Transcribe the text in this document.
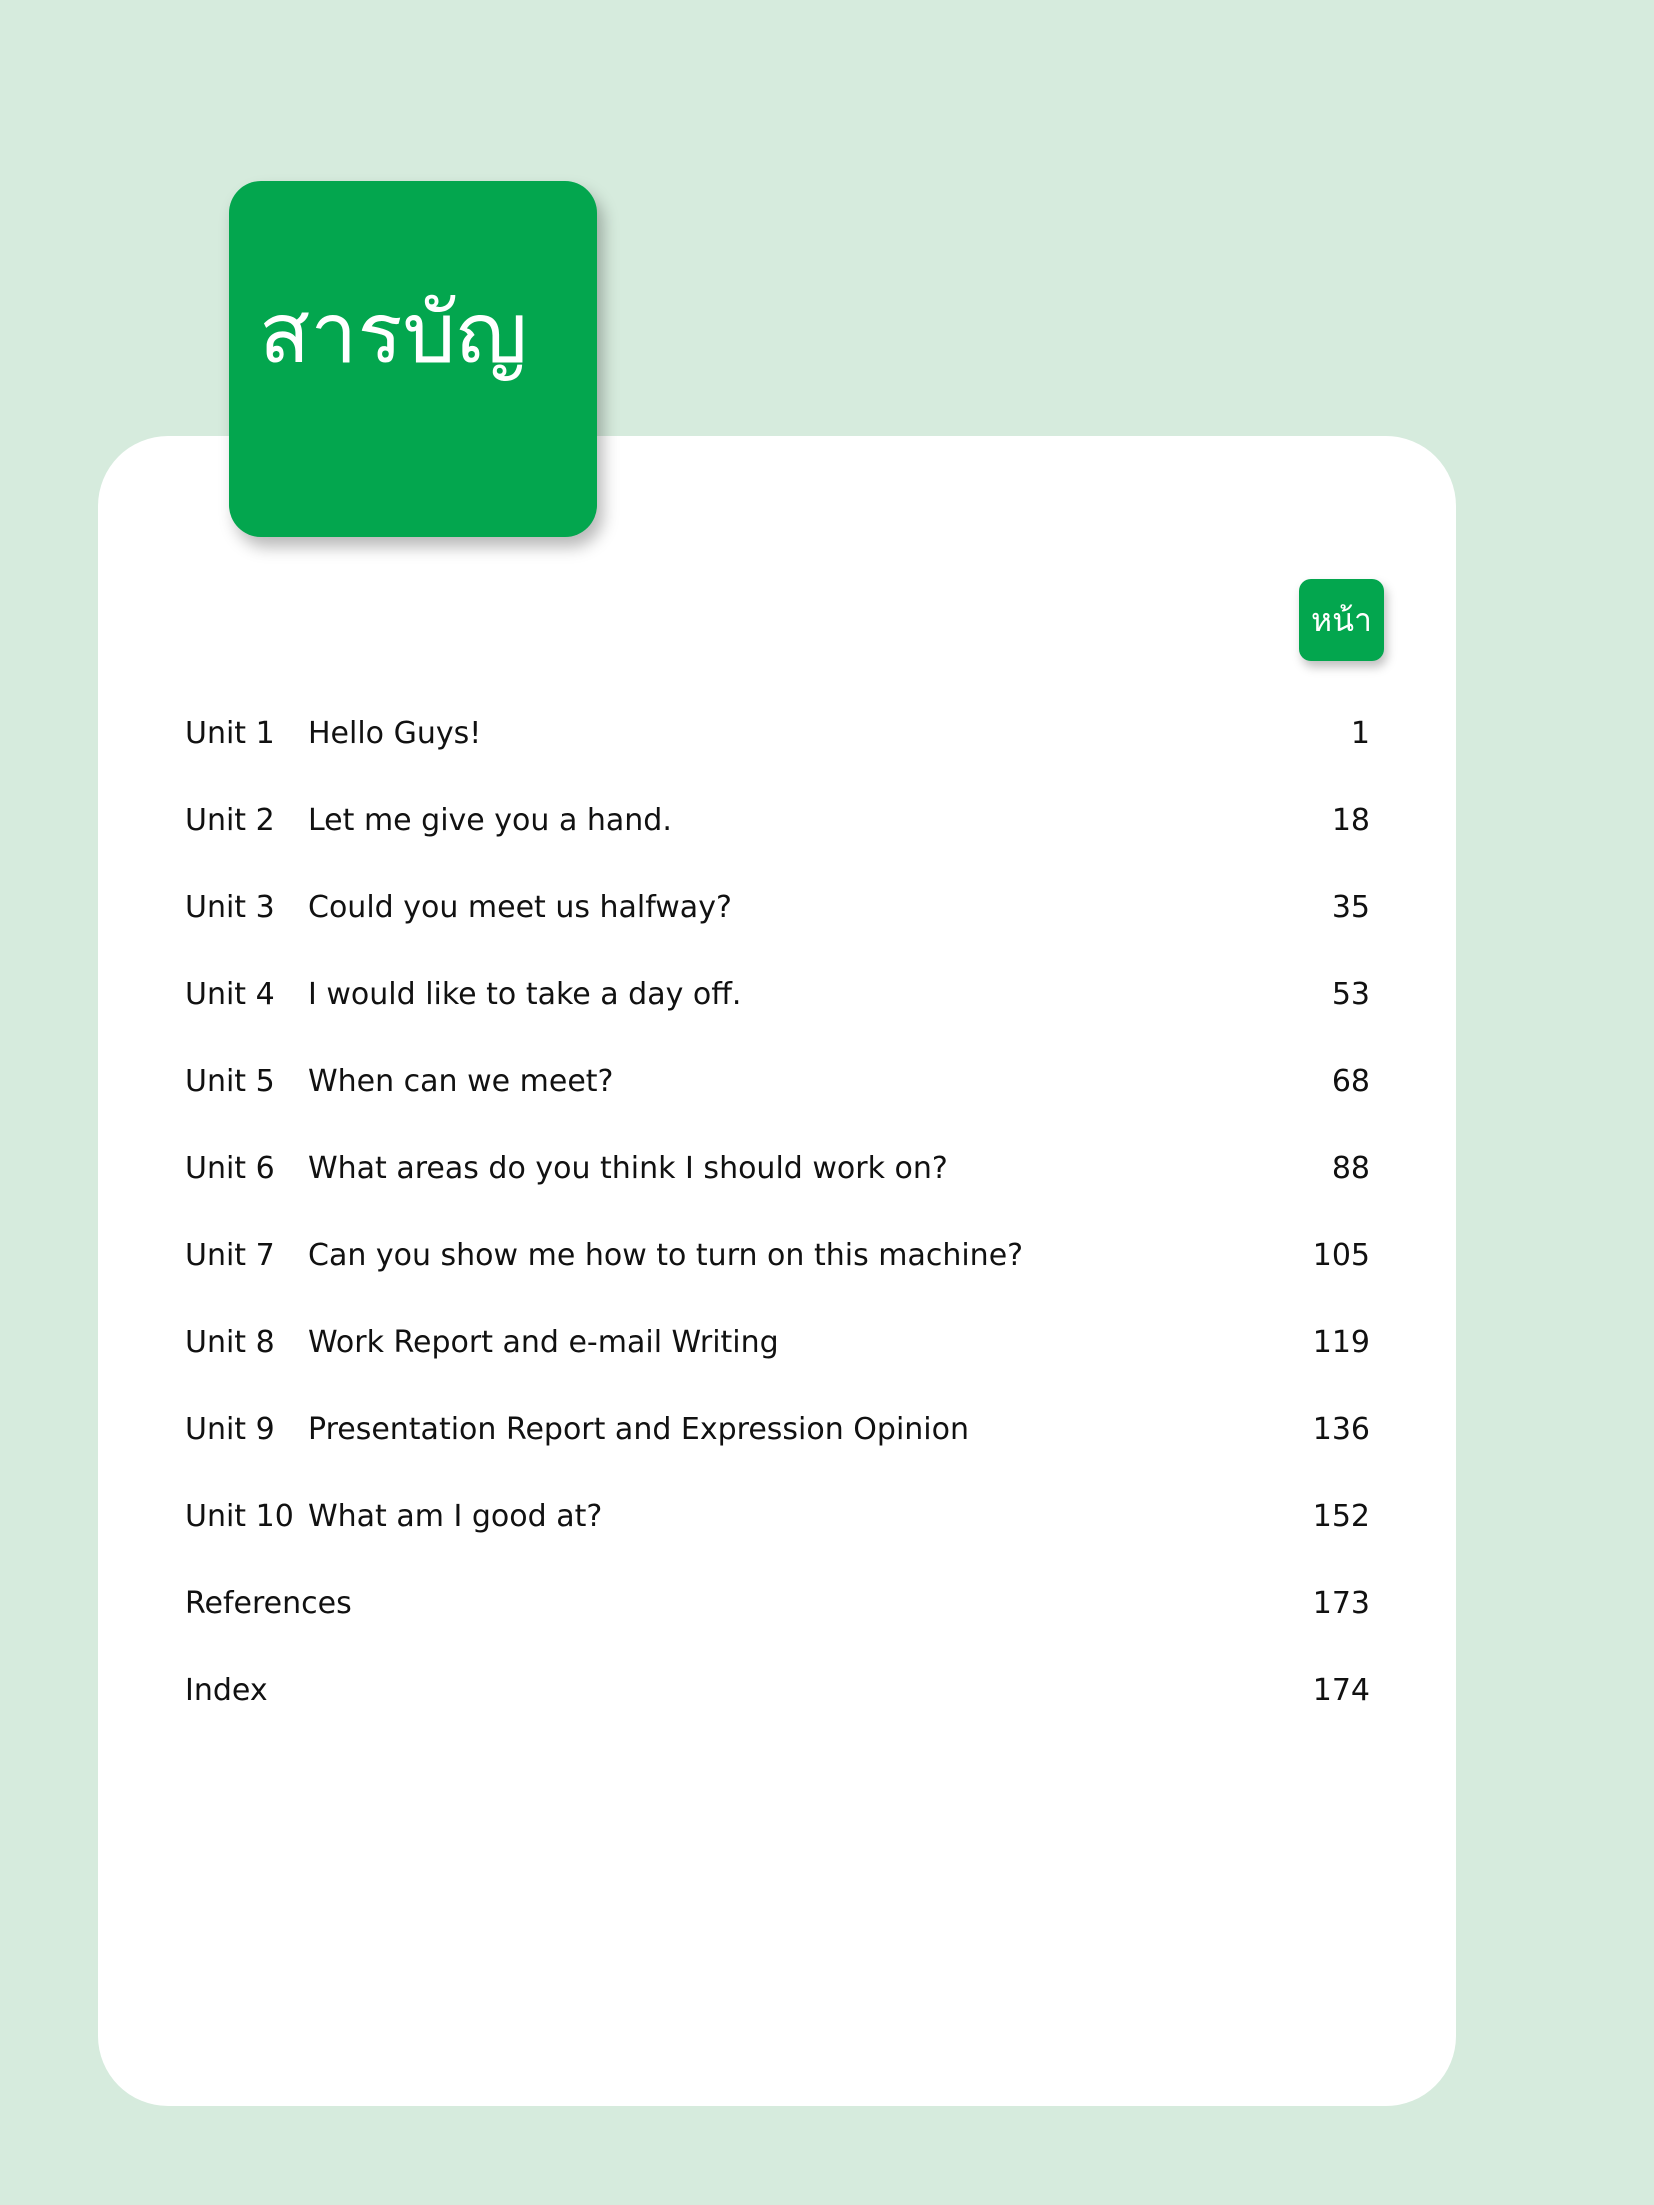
สารบัญ
หน้า
Unit 1 Hello Guys!	1
Unit 2 Let me give you a hand.	18
Unit 3 Could you meet us halfway?	35
Unit 4 I would like to take a day off.	53
Unit 5 When can we meet?	68
Unit 6 What areas do you think I should work on?	88
Unit 7 Can you show me how to turn on this machine?	105
Unit 8 Work Report and e-mail Writing	119
Unit 9 Presentation Report and Expression Opinion	136
Unit 10 What am I good at?	152
References	173
Index	174
